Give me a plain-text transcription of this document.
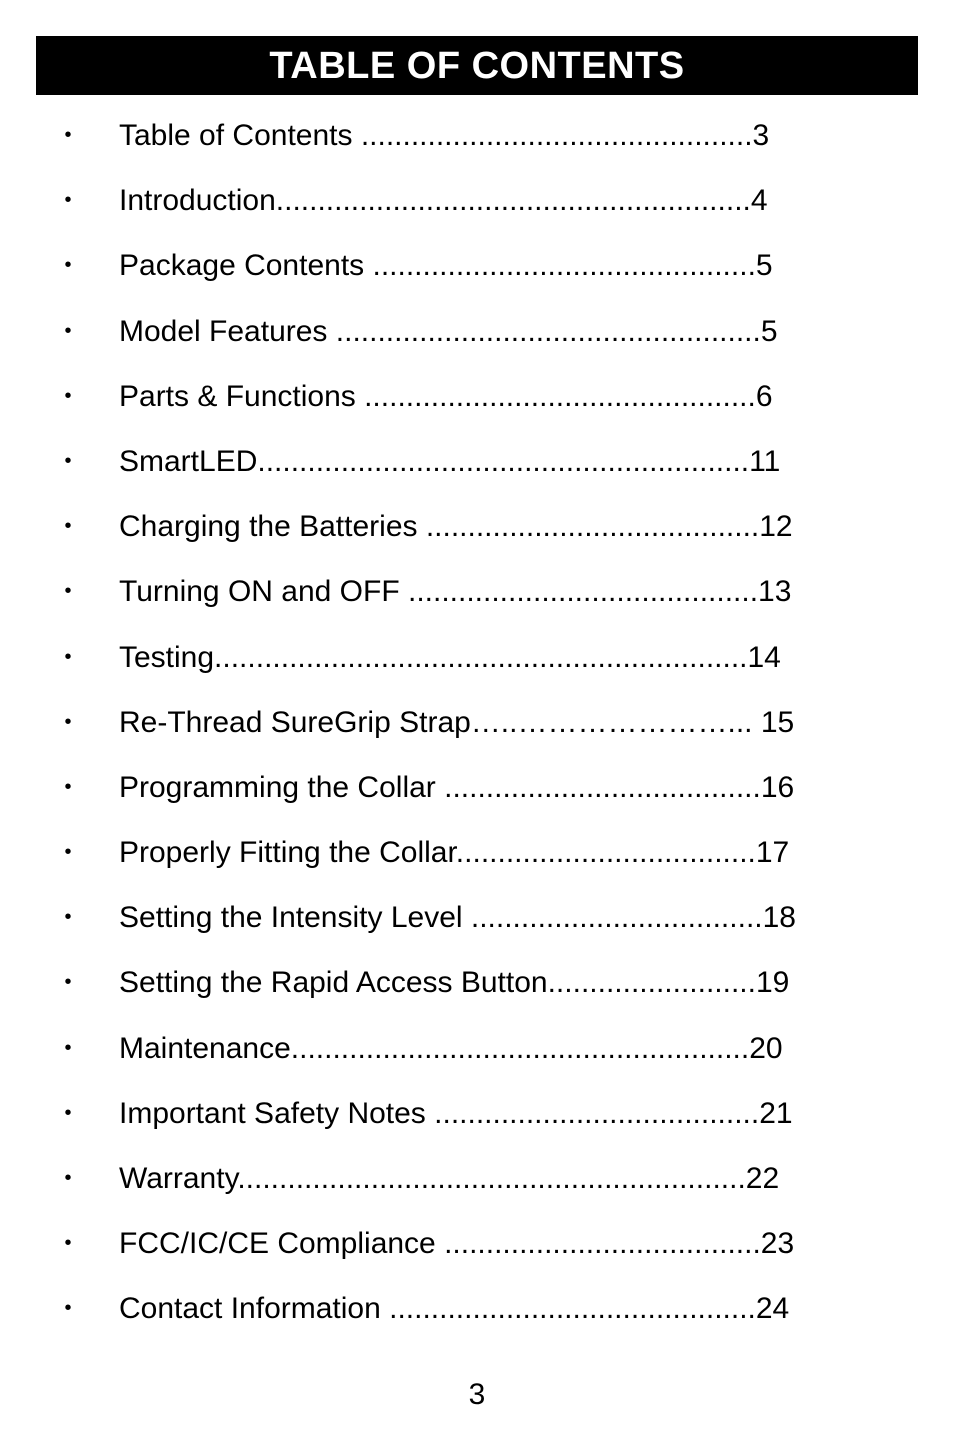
TABLE OF CONTENTS
• Table of Contents ...............................................3
• Introduction.........................................................4
• Package Contents ..............................................5
• Model Features ...................................................5
• Parts & Functions ...............................................6
• SmartLED...........................................................11
• Charging the Batteries ........................................12
• Turning ON and OFF ..........................................13
• Testing................................................................14
• Re-Thread SureGrip Strap…..…………………... 15
• Programming the Collar ......................................16
• Properly Fitting the Collar....................................17
• Setting the Intensity Level ...................................18
• Setting the Rapid Access Button.........................19
• Maintenance.......................................................20
• Important Safety Notes .......................................21
• Warranty.............................................................22
• FCC/IC/CE Compliance ......................................23
• Contact Information ............................................24
3
